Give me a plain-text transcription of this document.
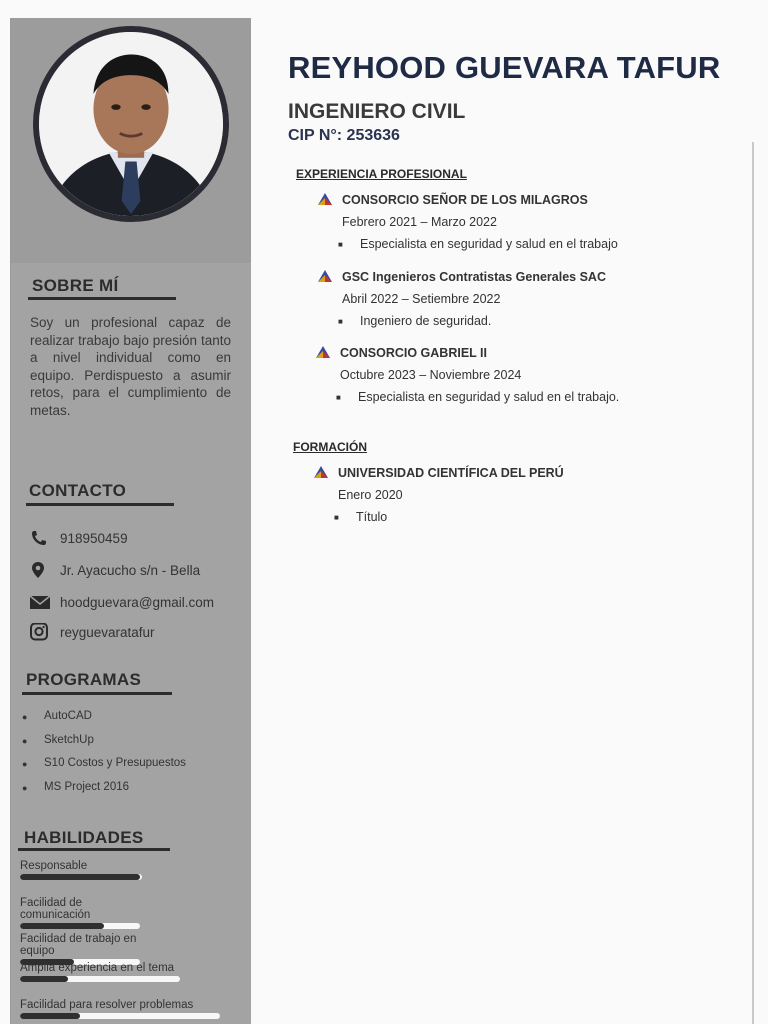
SOBRE MÍ
Soy un profesional capaz de realizar trabajo bajo presión tanto a nivel individual como en equipo. Perdispuesto a asumir retos, para el cumplimiento de metas.
CONTACTO
918950459
Jr. Ayacucho s/n - Bella
hoodguevara@gmail.com
reyguevaratafur
PROGRAMAS
●	AutoCAD
●	SketchUp
●	S10 Costos y Presupuestos
●	MS Project 2016
HABILIDADES
Responsable
Facilidad de comunicación
Facilidad de trabajo en equipo
Amplia experiencia en el tema
Facilidad para resolver problemas
REYHOOD GUEVARA TAFUR
INGENIERO CIVIL
CIP N°: 253636
EXPERIENCIA PROFESIONAL
CONSORCIO SEÑOR DE LOS MILAGROS
Febrero 2021 – Marzo 2022
■	Especialista en seguridad y salud en el trabajo
GSC Ingenieros Contratistas Generales SAC
Abril 2022 – Setiembre 2022
■	Ingeniero de seguridad.
CONSORCIO GABRIEL II
Octubre 2023 – Noviembre 2024
■	Especialista en seguridad y salud en el trabajo.
FORMACIÓN
UNIVERSIDAD CIENTÍFICA DEL PERÚ
Enero 2020
■	Título
